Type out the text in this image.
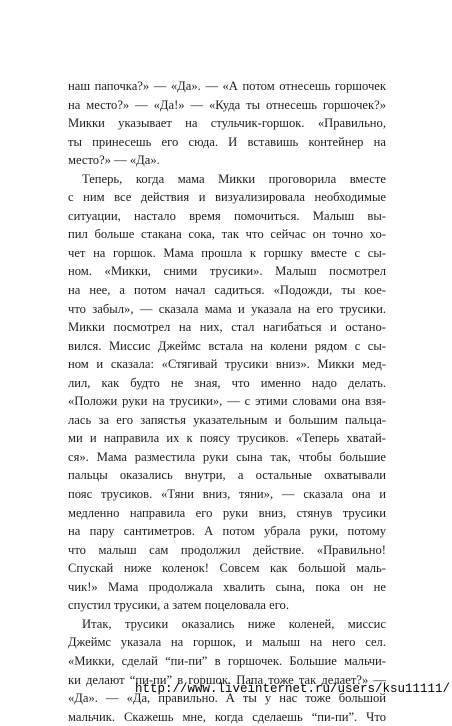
наш папочка?» — «Да». — «А потом отнесешь горшочек
на место?» — «Да!» — «Куда ты отнесешь горшочек?»
Микки указывает на стульчик-горшок. «Правильно,
ты принесешь его сюда. И вставишь контейнер на
место?» — «Да».
Теперь, когда мама Микки проговорила вместе
с ним все действия и визуализировала необходимые
ситуации, настало время помочиться. Малыш вы-
пил больше стакана сока, так что сейчас он точно хо-
чет на горшок. Мама прошла к горшку вместе с сы-
ном. «Микки, сними трусики». Малыш посмотрел
на нее, а потом начал садиться. «Подожди, ты кое-
что забыл», — сказала мама и указала на его трусики.
Микки посмотрел на них, стал нагибаться и остано-
вился. Миссис Джеймс встала на колени рядом с сы-
ном и сказала: «Стягивай трусики вниз». Микки мед-
лил, как будто не зная, что именно надо делать.
«Положи руки на трусики», — с этими словами она взя-
лась за его запястья указательным и большим пальца-
ми и направила их к поясу трусиков. «Теперь хватай-
ся». Мама разместила руки сына так, чтобы большие
пальцы оказались внутри, а остальные охватывали
пояс трусиков. «Тяни вниз, тяни», — сказала она и
медленно направила его руки вниз, стянув трусики
на пару сантиметров. А потом убрала руки, потому
что малыш сам продолжил действие. «Правильно!
Спускай ниже коленок! Совсем как большой маль-
чик!» Мама продолжала хвалить сына, пока он не
спустил трусики, а затем поцеловала его.
Итак, трусики оказались ниже коленей, миссис
Джеймс указала на горшок, и малыш на него сел.
«Микки, сделай “пи-пи” в горшочек. Большие мальчи-
ки делают “пи-пи” в горшок. Папа тоже так делает?» —
«Да». — «Да, правильно. А ты у нас тоже большой
мальчик. Скажешь мне, когда сделаешь “пи-пи”. Что
http://www.liveinternet.ru/users/ksu11111/
